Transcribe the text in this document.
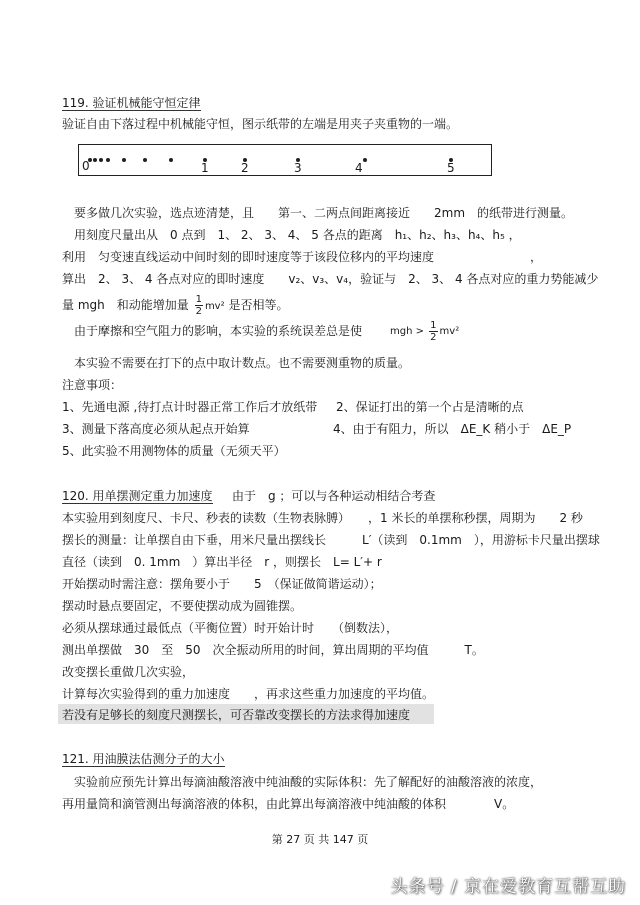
119. 验证机械能守恒定律
验证自由下落过程中机械能守恒，图示纸带的左端是用夹子夹重物的一端。
0	1	2	3	4	5
要多做几次实验，选点迹清楚，且　　第一、二两点间距离接近　　2mm　的纸带进行测量。
用刻度尺量出从　0 点到　1、 2、 3、 4、 5 各点的距离　h₁、h₂、h₃、h₄、h₅ ，
利用　匀变速直线运动中间时刻的即时速度等于该段位移内的平均速度　　　　　　　　，
算出　2、 3、 4 各点对应的即时速度　　v₂、v₃、v₄，验证与　2、 3、 4 各点对应的重力势能减少
量 mgh　和动能增加量 $\frac{1}{2} mv^2$ 是否相等。
由于摩擦和空气阻力的影响，本实验的系统误差总是使	mgh > $\frac{1}{2} mv^2$
本实验不需要在打下的点中取计数点。也不需要测重物的质量。
注意事项：
1、先通电源 ,待打点计时器正常工作后才放纸带 2、保证打出的第一个占是清晰的点
3、测量下落高度必须从起点开始算	4、由于有阻力，所以　ΔE_K 稍小于　ΔE_P
5、此实验不用测物体的质量（无须天平）
120. 用单摆测定重力加速度 由于　g ；可以与各种运动相结合考查
本实验用到刻度尺、卡尺、秒表的读数（生物表脉膊）　　，1 米长的单摆称秒摆，周期为　　2 秒
摆长的测量：让单摆自由下垂，用米尺量出摆线长　　　L′（读到　0.1mm　），用游标卡尺量出摆球
直径（读到　0. 1mm　）算出半径　r ，则摆长　L= L′+ r
开始摆动时需注意：摆角要小于　　5　（保证做简谐运动）；
摆动时悬点要固定，不要使摆动成为圆锥摆。
必须从摆球通过最低点（平衡位置）时开始计时　　（倒数法），
测出单摆做　30　至　50　次全振动所用的时间，算出周期的平均值　　　T。
改变摆长重做几次实验，
计算每次实验得到的重力加速度　　，再求这些重力加速度的平均值。
若没有足够长的刻度尺测摆长，可否靠改变摆长的方法求得加速度
121. 用油膜法估测分子的大小
实验前应预先计算出每滴油酸溶液中纯油酸的实际体积：先了解配好的油酸溶液的浓度，
再用量筒和滴管测出每滴溶液的体积，由此算出每滴溶液中纯油酸的体积　　　　V。
第 27 页 共 147 页
头条号 / 京在爱教育互帮互助
